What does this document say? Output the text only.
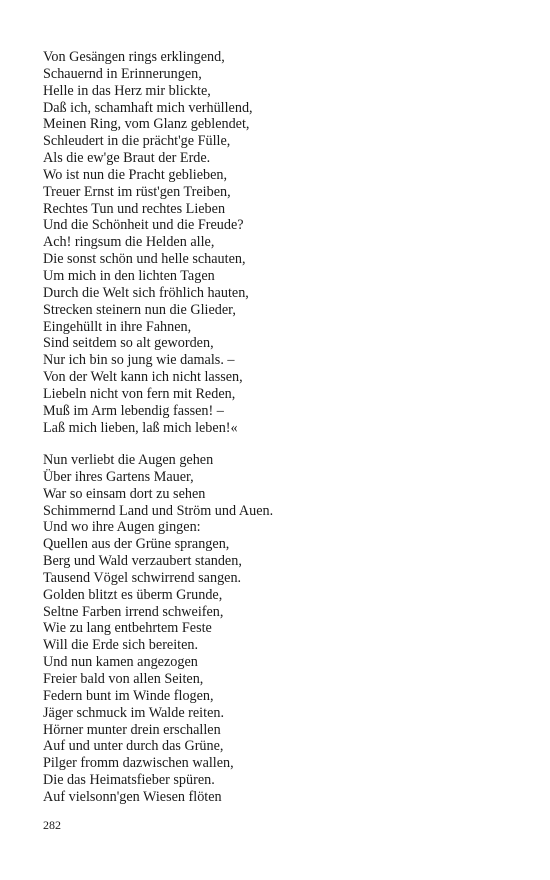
Von Gesängen rings erklingend,
Schauernd in Erinnerungen,
Helle in das Herz mir blickte,
Daß ich, schamhaft mich verhüllend,
Meinen Ring, vom Glanz geblendet,
Schleudert in die prächt'ge Fülle,
Als die ew'ge Braut der Erde.
Wo ist nun die Pracht geblieben,
Treuer Ernst im rüst'gen Treiben,
Rechtes Tun und rechtes Lieben
Und die Schönheit und die Freude?
Ach! ringsum die Helden alle,
Die sonst schön und helle schauten,
Um mich in den lichten Tagen
Durch die Welt sich fröhlich hauten,
Strecken steinern nun die Glieder,
Eingehüllt in ihre Fahnen,
Sind seitdem so alt geworden,
Nur ich bin so jung wie damals. –
Von der Welt kann ich nicht lassen,
Liebeln nicht von fern mit Reden,
Muß im Arm lebendig fassen! –
Laß mich lieben, laß mich leben!«
Nun verliebt die Augen gehen
Über ihres Gartens Mauer,
War so einsam dort zu sehen
Schimmernd Land und Ström und Auen.
Und wo ihre Augen gingen:
Quellen aus der Grüne sprangen,
Berg und Wald verzaubert standen,
Tausend Vögel schwirrend sangen.
Golden blitzt es überm Grunde,
Seltne Farben irrend schweifen,
Wie zu lang entbehrtem Feste
Will die Erde sich bereiten.
Und nun kamen angezogen
Freier bald von allen Seiten,
Federn bunt im Winde flogen,
Jäger schmuck im Walde reiten.
Hörner munter drein erschallen
Auf und unter durch das Grüne,
Pilger fromm dazwischen wallen,
Die das Heimatsfieber spüren.
Auf vielsonn'gen Wiesen flöten
282
